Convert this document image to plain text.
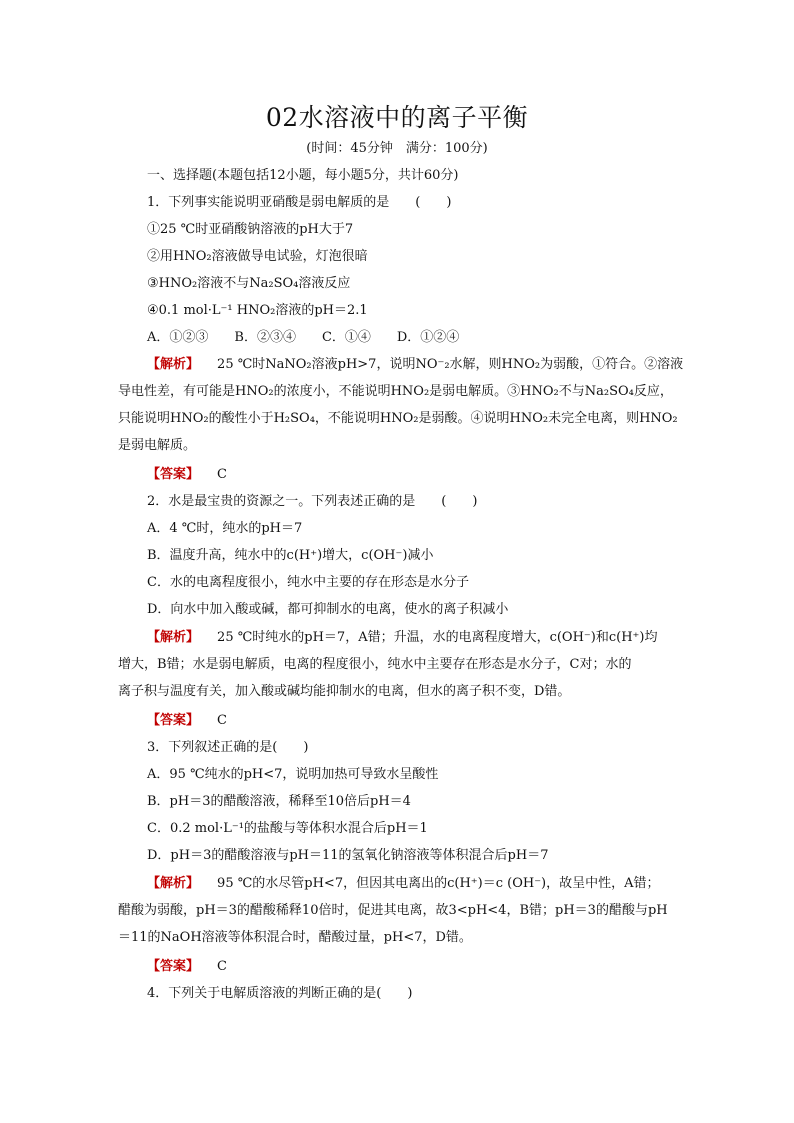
02水溶液中的离子平衡
(时间：45分钟　满分：100分)
一、选择题(本题包括12小题，每小题5分，共计60分)
1．下列事实能说明亚硝酸是弱电解质的是　　(　　)
①25 ℃时亚硝酸钠溶液的pH大于7
②用HNO₂溶液做导电试验，灯泡很暗
③HNO₂溶液不与Na₂SO₄溶液反应
④0.1 mol·L⁻¹ HNO₂溶液的pH＝2.1
A．①②③　　B．②③④　　C．①④　　D．①②④
【解析】 25 ℃时NaNO₂溶液pH>7，说明NO⁻₂水解，则HNO₂为弱酸，①符合。②溶液
导电性差，有可能是HNO₂的浓度小，不能说明HNO₂是弱电解质。③HNO₂不与Na₂SO₄反应，
只能说明HNO₂的酸性小于H₂SO₄，不能说明HNO₂是弱酸。④说明HNO₂未完全电离，则HNO₂
是弱电解质。
【答案】 C
2．水是最宝贵的资源之一。下列表述正确的是　　(　　)
A．4 ℃时，纯水的pH＝7
B．温度升高，纯水中的c(H⁺)增大，c(OH⁻)减小
C．水的电离程度很小，纯水中主要的存在形态是水分子
D．向水中加入酸或碱，都可抑制水的电离，使水的离子积减小
【解析】 25 ℃时纯水的pH＝7，A错；升温，水的电离程度增大，c(OH⁻)和c(H⁺)均
增大，B错；水是弱电解质，电离的程度很小，纯水中主要存在形态是水分子，C对；水的
离子积与温度有关，加入酸或碱均能抑制水的电离，但水的离子积不变，D错。
【答案】 C
3．下列叙述正确的是(　　)
A．95 ℃纯水的pH<7，说明加热可导致水呈酸性
B．pH＝3的醋酸溶液，稀释至10倍后pH＝4
C．0.2 mol·L⁻¹的盐酸与等体积水混合后pH＝1
D．pH＝3的醋酸溶液与pH＝11的氢氧化钠溶液等体积混合后pH＝7
【解析】 95 ℃的水尽管pH<7，但因其电离出的c(H⁺)＝c (OH⁻)，故呈中性，A错；
醋酸为弱酸，pH＝3的醋酸稀释10倍时，促进其电离，故3<pH<4，B错；pH＝3的醋酸与pH
＝11的NaOH溶液等体积混合时，醋酸过量，pH<7，D错。
【答案】 C
4．下列关于电解质溶液的判断正确的是(　　)
